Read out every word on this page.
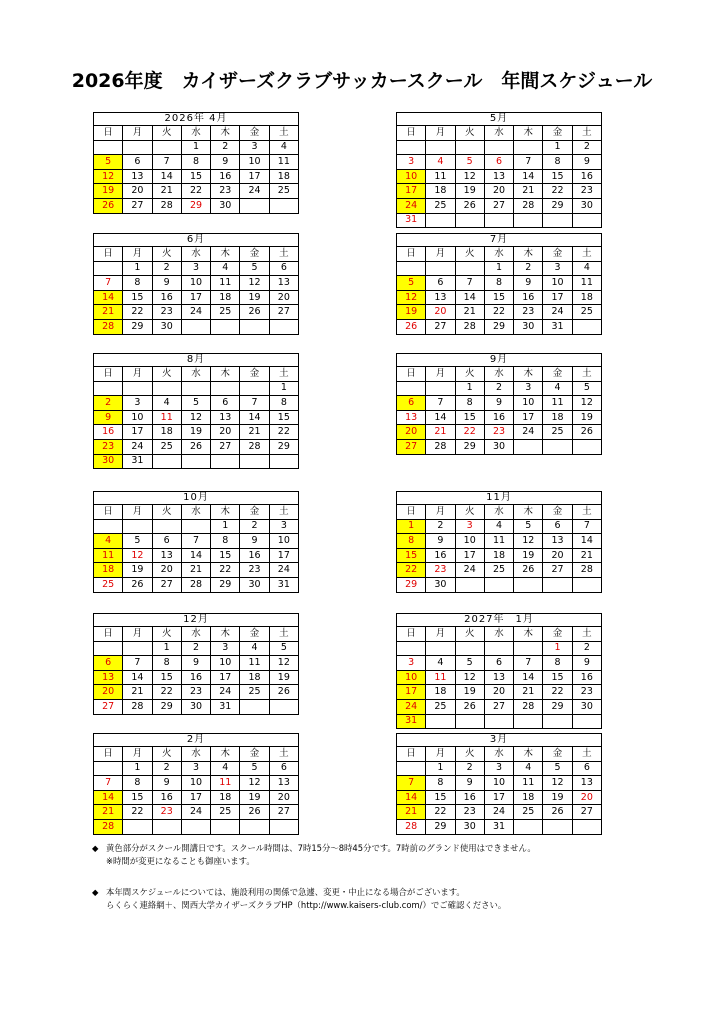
2026年度　カイザーズクラブサッカースクール　年間スケジュール
2026年 4月						
日	月	火	水	木	金	土
			1	2	3	4
5	6	7	8	9	10	11
12	13	14	15	16	17	18
19	20	21	22	23	24	25
26	27	28	29	30		
5月						
日	月	火	水	木	金	土
					1	2
3	4	5	6	7	8	9
10	11	12	13	14	15	16
17	18	19	20	21	22	23
24	25	26	27	28	29	30
31						
6月						
日	月	火	水	木	金	土
	1	2	3	4	5	6
7	8	9	10	11	12	13
14	15	16	17	18	19	20
21	22	23	24	25	26	27
28	29	30				
7月						
日	月	火	水	木	金	土
			1	2	3	4
5	6	7	8	9	10	11
12	13	14	15	16	17	18
19	20	21	22	23	24	25
26	27	28	29	30	31	
8月						
日	月	火	水	木	金	土
						1
2	3	4	5	6	7	8
9	10	11	12	13	14	15
16	17	18	19	20	21	22
23	24	25	26	27	28	29
30	31					
9月						
日	月	火	水	木	金	土
		1	2	3	4	5
6	7	8	9	10	11	12
13	14	15	16	17	18	19
20	21	22	23	24	25	26
27	28	29	30			
10月						
日	月	火	水	木	金	土
				1	2	3
4	5	6	7	8	9	10
11	12	13	14	15	16	17
18	19	20	21	22	23	24
25	26	27	28	29	30	31
11月						
日	月	火	水	木	金	土
1	2	3	4	5	6	7
8	9	10	11	12	13	14
15	16	17	18	19	20	21
22	23	24	25	26	27	28
29	30					
12月						
日	月	火	水	木	金	土
		1	2	3	4	5
6	7	8	9	10	11	12
13	14	15	16	17	18	19
20	21	22	23	24	25	26
27	28	29	30	31		
2027年　1月						
日	月	火	水	木	金	土
					1	2
3	4	5	6	7	8	9
10	11	12	13	14	15	16
17	18	19	20	21	22	23
24	25	26	27	28	29	30
31						
2月						
日	月	火	水	木	金	土
	1	2	3	4	5	6
7	8	9	10	11	12	13
14	15	16	17	18	19	20
21	22	23	24	25	26	27
28						
3月						
日	月	火	水	木	金	土
	1	2	3	4	5	6
7	8	9	10	11	12	13
14	15	16	17	18	19	20
21	22	23	24	25	26	27
28	29	30	31			
◆ 黄色部分がスクール開講日です。スクール時間は、7時15分～8時45分です。7時前のグランド使用はできません。
※時間が変更になることも御座います。
◆ 本年間スケジュールについては、施設利用の関係で急遽、変更・中止になる場合がございます。
らくらく連絡網＋、関西大学カイザーズクラブHP（http://www.kaisers-club.com/）でご確認ください。
